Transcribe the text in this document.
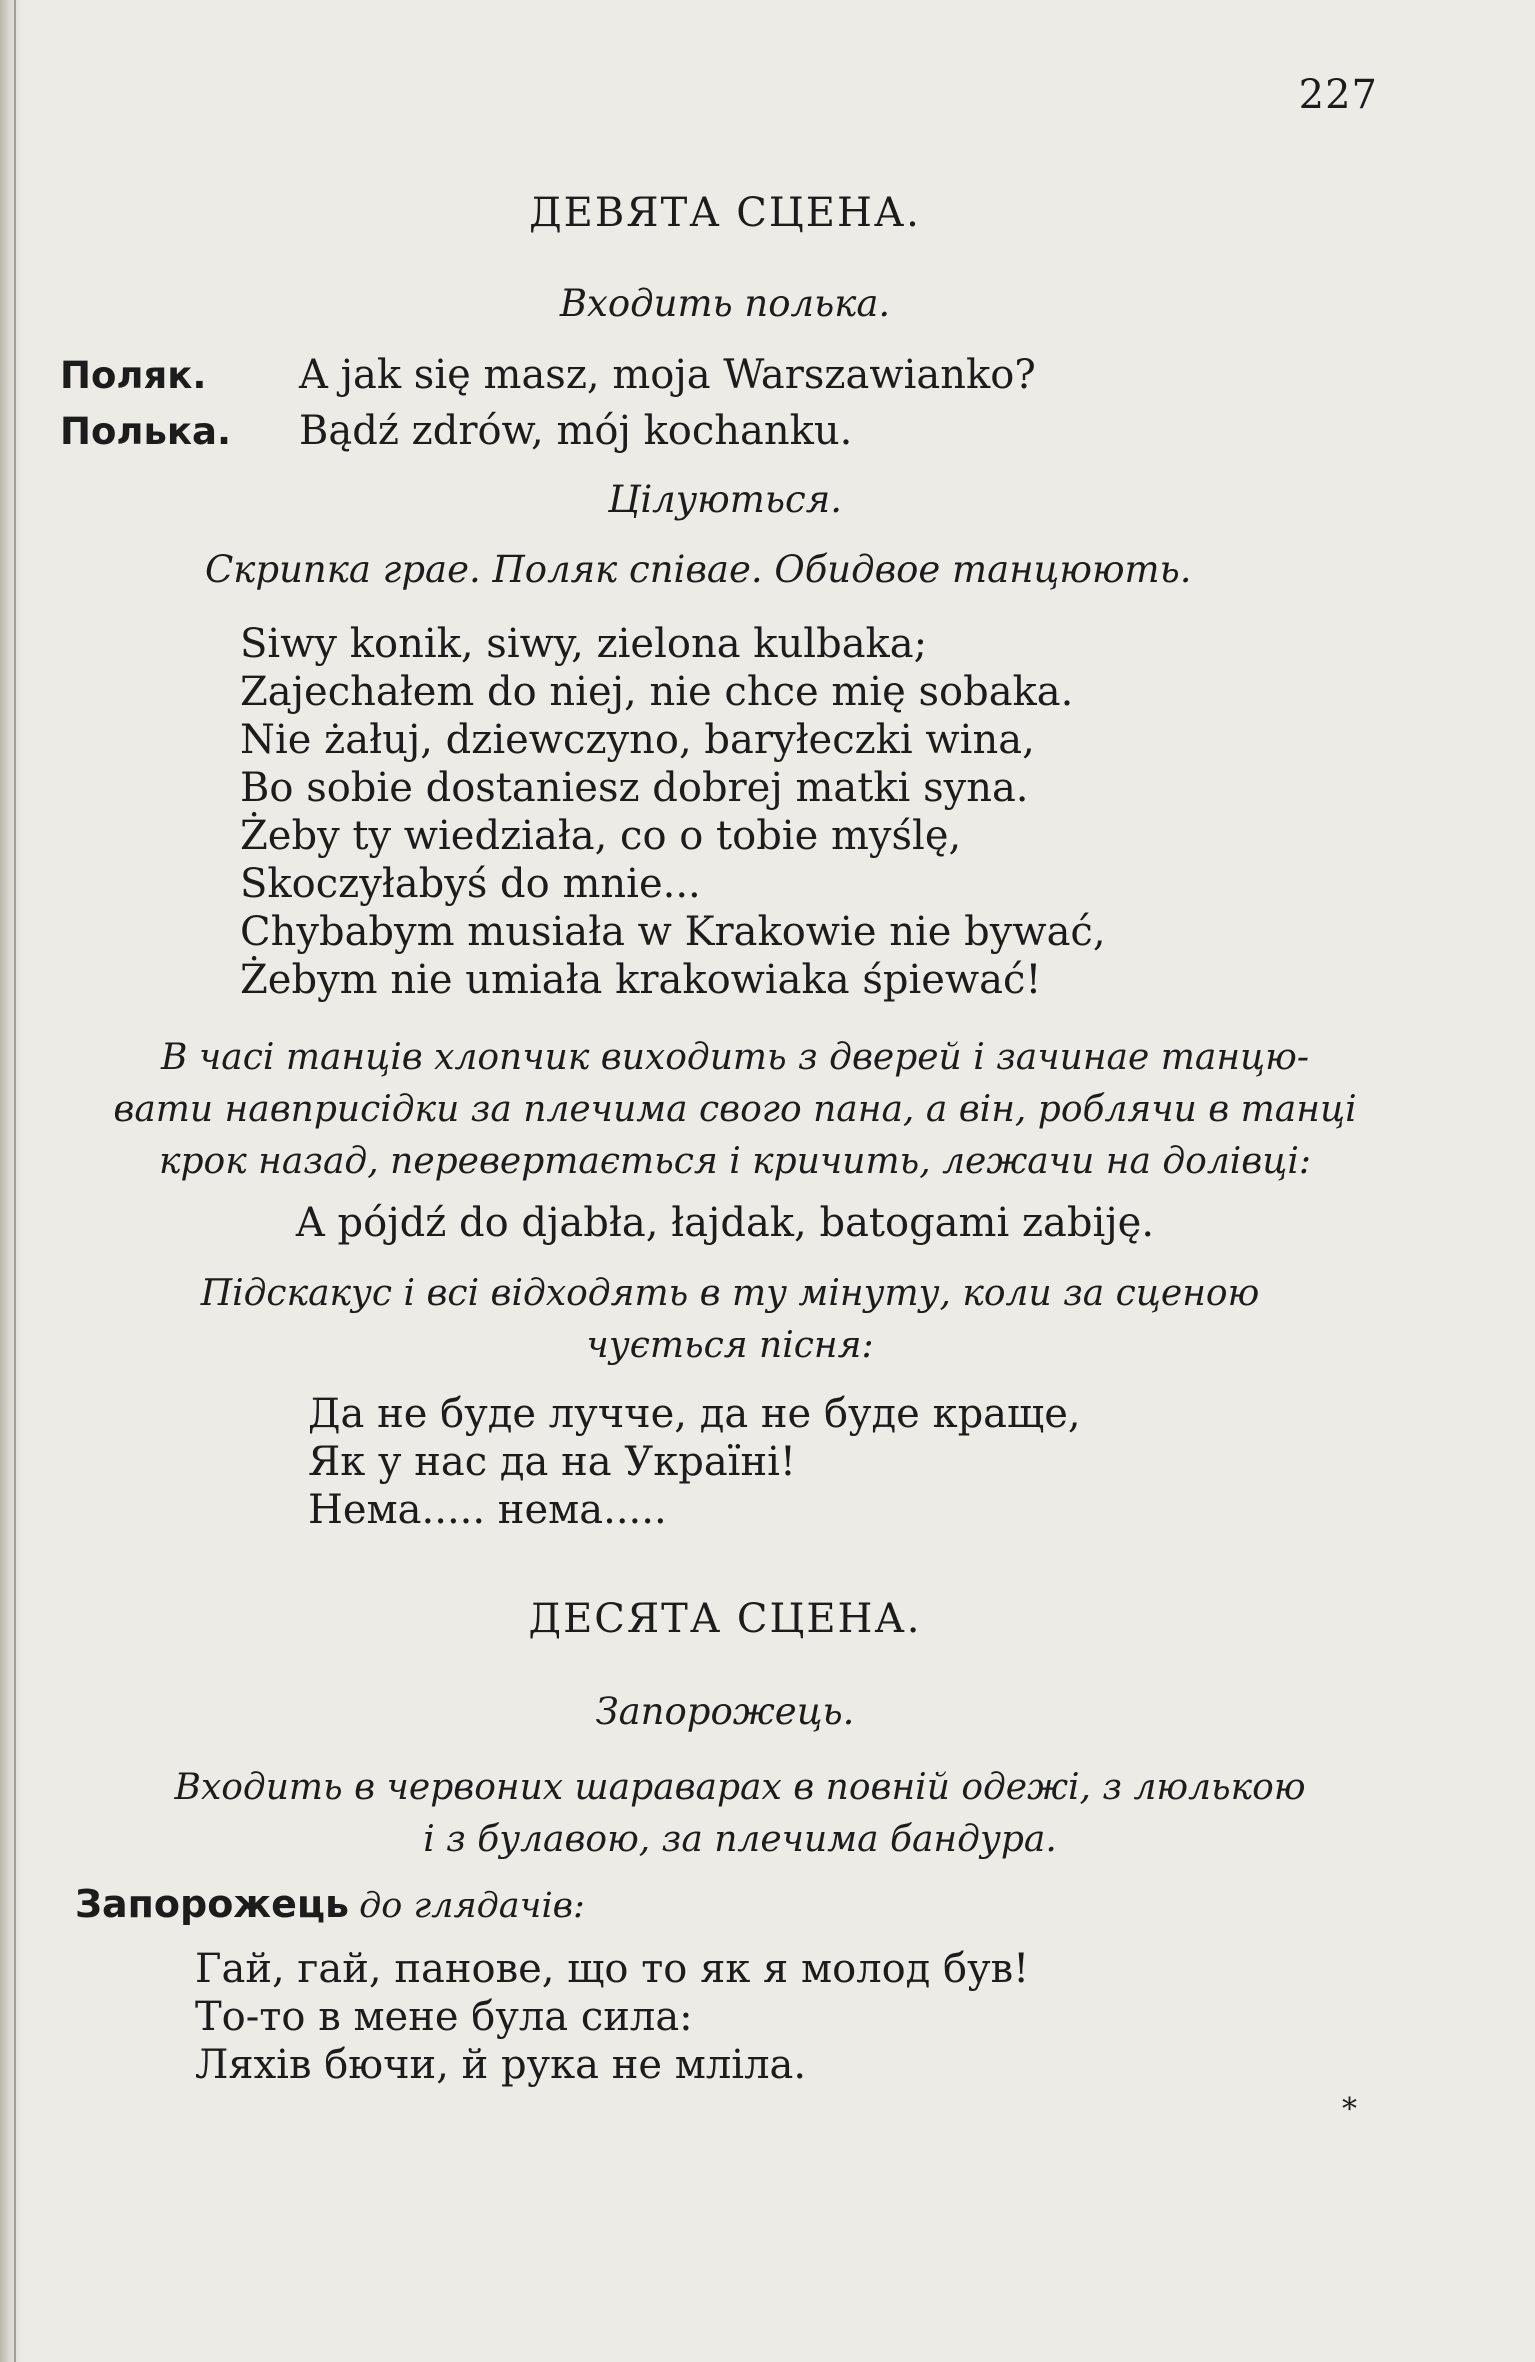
227
ДЕВЯТА СЦЕНА.
Входить полька.
Поляк. A jak się masz, moja Warszawianko?
Полька. Bądź zdrów, mój kochanku.
Цілуються.
Скрипка грае. Поляк співае. Обидвое танцюють.
Siwy konik, siwy, zielona kulbaka;
Zajechałem do niej, nie chce mię sobaka.
Nie żałuj, dziewczyno, baryłeczki wina,
Bo sobie dostaniesz dobrej matki syna.
Żeby ty wiedziała, co o tobie myślę,
Skoczyłabyś do mnie...
Chybabym musiała w Krakowie nie bywać,
Żebym nie umiała krakowiaka śpiewać!
В часі танців хлопчик виходить з дверей і зачинае танцю-
вати навприсідки за плечима свого пана, а він, роблячи в танці
крок назад, перевертається і кричить, лежачи на долівці:
A pójdź do djabła, łajdak, batogami zabiję.
Підскакус і всі відходять в ту мінуту, коли за сценою
чується пісня:
Да не буде лучче, да не буде краще,
Як у нас да на Україні!
Нема..... нема.....
ДЕСЯТА СЦЕНА.
Запорожець.
Входить в червоних шараварах в повній одежі, з люлькою
і з булавою, за плечима бандура.
Запорожець до глядачів:
Гай, гай, панове, що то як я молод був!
То-то в мене була сила:
Ляхів бючи, й рука не мліла.
*
